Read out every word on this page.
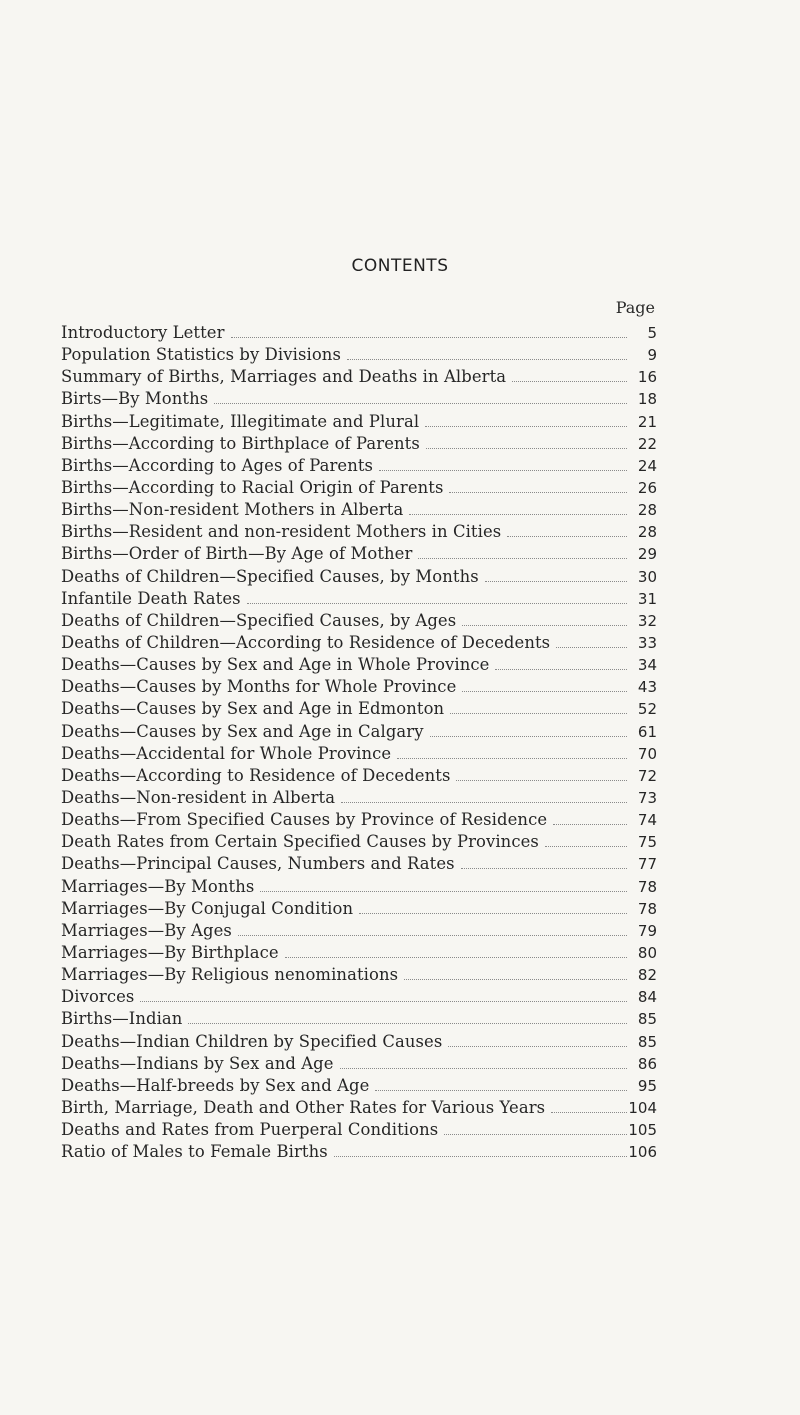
CONTENTS
Page
Introductory Letter	5
Population Statistics by Divisions	9
Summary of Births, Marriages and Deaths in Alberta	16
Birts—By Months	18
Births—Legitimate, Illegitimate and Plural	21
Births—According to Birthplace of Parents	22
Births—According to Ages of Parents	24
Births—According to Racial Origin of Parents	26
Births—Non-resident Mothers in Alberta	28
Births—Resident and non-resident Mothers in Cities	28
Births—Order of Birth—By Age of Mother	29
Deaths of Children—Specified Causes, by Months	30
Infantile Death Rates	31
Deaths of Children—Specified Causes, by Ages	32
Deaths of Children—According to Residence of Decedents	33
Deaths—Causes by Sex and Age in Whole Province	34
Deaths—Causes by Months for Whole Province	43
Deaths—Causes by Sex and Age in Edmonton	52
Deaths—Causes by Sex and Age in Calgary	61
Deaths—Accidental for Whole Province	70
Deaths—According to Residence of Decedents	72
Deaths—Non-resident in Alberta	73
Deaths—From Specified Causes by Province of Residence	74
Death Rates from Certain Specified Causes by Provinces	75
Deaths—Principal Causes, Numbers and Rates	77
Marriages—By Months	78
Marriages—By Conjugal Condition	78
Marriages—By Ages	79
Marriages—By Birthplace	80
Marriages—By Religious nenominations	82
Divorces	84
Births—Indian	85
Deaths—Indian Children by Specified Causes	85
Deaths—Indians by Sex and Age	86
Deaths—Half-breeds by Sex and Age	95
Birth, Marriage, Death and Other Rates for Various Years	104
Deaths and Rates from Puerperal Conditions	105
Ratio of Males to Female Births	106
